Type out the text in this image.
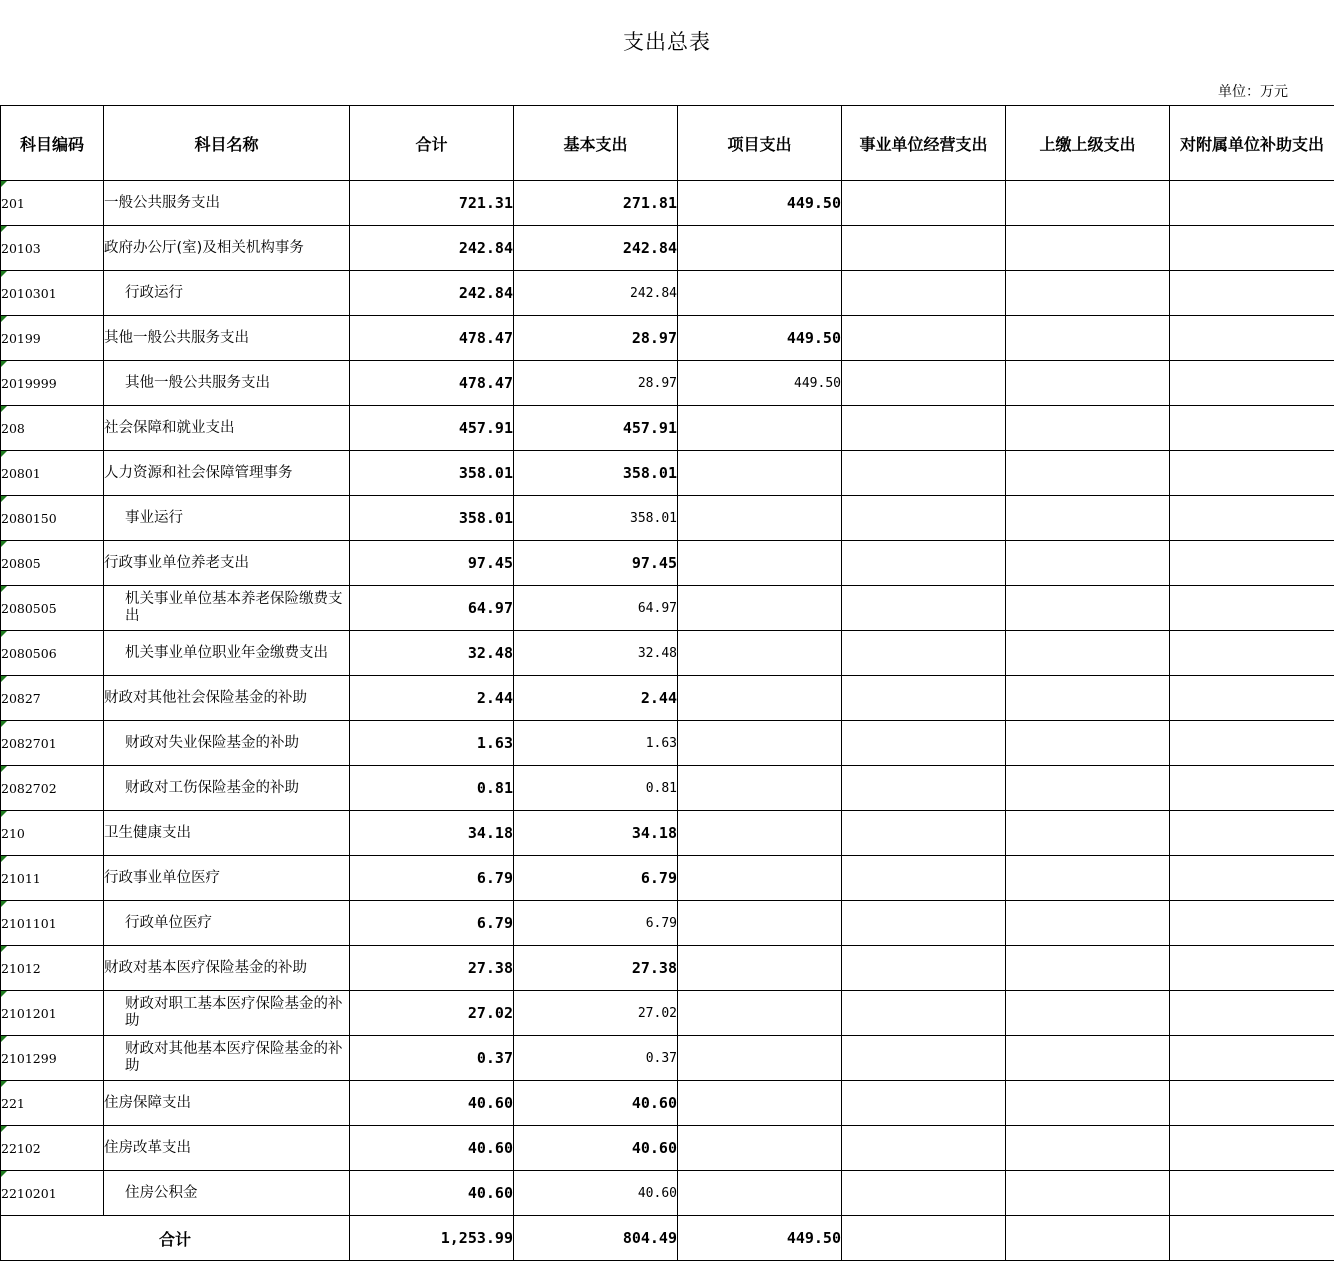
支出总表
单位：万元
科目编码	科目名称	合计	基本支出	项目支出	事业单位经营支出	上缴上级支出	对附属单位补助支出
201	一般公共服务支出	721.31	271.81	449.50			
20103	政府办公厅(室)及相关机构事务	242.84	242.84				
2010301	行政运行	242.84	242.84				
20199	其他一般公共服务支出	478.47	28.97	449.50			
2019999	其他一般公共服务支出	478.47	28.97	449.50			
208	社会保障和就业支出	457.91	457.91				
20801	人力资源和社会保障管理事务	358.01	358.01				
2080150	事业运行	358.01	358.01				
20805	行政事业单位养老支出	97.45	97.45				
2080505	机关事业单位基本养老保险缴费支出	64.97	64.97				
2080506	机关事业单位职业年金缴费支出	32.48	32.48				
20827	财政对其他社会保险基金的补助	2.44	2.44				
2082701	财政对失业保险基金的补助	1.63	1.63				
2082702	财政对工伤保险基金的补助	0.81	0.81				
210	卫生健康支出	34.18	34.18				
21011	行政事业单位医疗	6.79	6.79				
2101101	行政单位医疗	6.79	6.79				
21012	财政对基本医疗保险基金的补助	27.38	27.38				
2101201	财政对职工基本医疗保险基金的补助	27.02	27.02				
2101299	财政对其他基本医疗保险基金的补助	0.37	0.37				
221	住房保障支出	40.60	40.60				
22102	住房改革支出	40.60	40.60				
2210201	住房公积金	40.60	40.60				
合计		1,253.99	804.49	449.50			
